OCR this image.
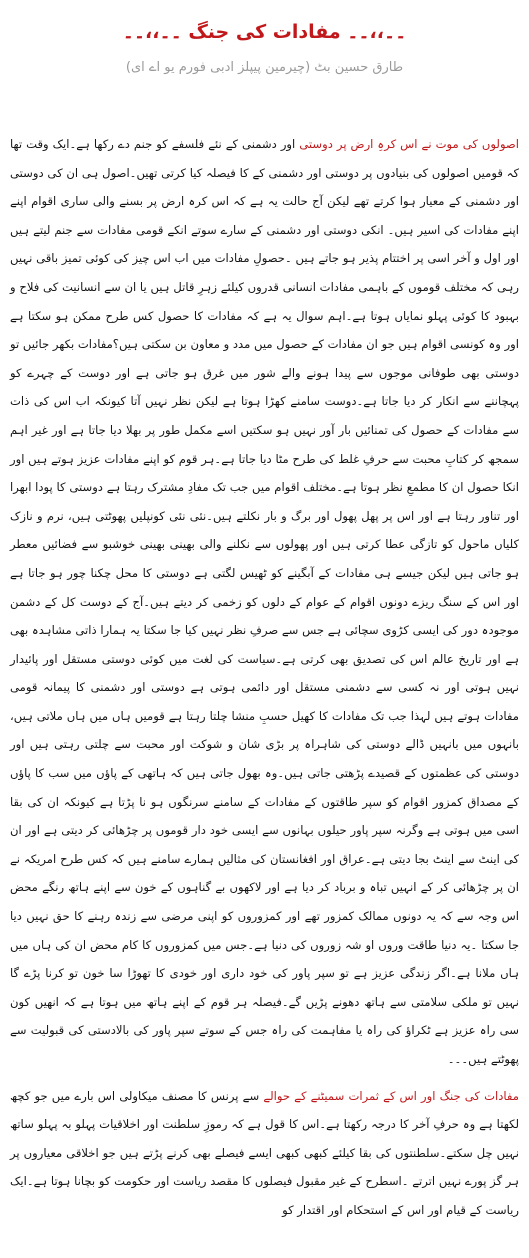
۔۔،،۔۔ مفادات کی جنگ ۔۔،،۔۔
طارق حسین بٹ (چیرمین پیپلز ادبی فورم یو اے ای)

اصولوں کی موت نے اس کرہِ ارض پر دوستی اور دشمنی کے نئے فلسفے کو جنم دے رکھا ہے۔ایک وقت تھا کہ قومیں اصولوں کی بنیادوں پر دوستی اور دشمنی کے کا فیصلہ کیا کرتی تھیں۔اصول ہی ان کی دوستی اور دشمنی کے معیار ہوا کرتے تھے لیکن آج حالت یہ ہے کہ اس کرہ ارض پر بسنے والی ساری اقوام اپنے اپنے مفادات کی اسیر ہیں۔ انکی دوستی اور دشمنی کے سارے سوتے انکے قومی مفادات سے جنم لیتے ہیں اور اول و آخر اسی پر اختتام پذیر ہو جاتے ہیں ۔حصولِ مفادات میں اب اس چیز کی کوئی تمیز باقی نہیں رہی کہ مختلف قوموں کے باہمی مفادات انسانی قدروں کیلئے زہرِ قاتل ہیں یا ان سے انسانیت کی فلاح و بہبود کا کوئی پہلو نمایاں ہوتا ہے۔اہم سوال یہ ہے کہ مفادات کا حصول کس طرح ممکن ہو سکتا ہے اور وہ کونسی اقوام ہیں جو ان مفادات کے حصول میں مدد و معاون بن سکتی ہیں؟مفادات بکھر جائیں تو دوستی بھی طوفانی موجوں سے پیدا ہونے والے شور میں غرق ہو جاتی ہے اور دوست کے چہرے کو پہچاننے سے انکار کر دیا جاتا ہے۔دوست سامنے کھڑا ہوتا ہے لیکن نظر نہیں آتا کیونکہ اب اس کی ذات سے مفادات کے حصول کی تمنائیں بار آور نہیں ہو سکتیں اسے مکمل طور پر بھلا دیا جاتا ہے اور غیر اہم سمجھ کر کتابِ محبت سے حرفِ غلط کی طرح مٹا دیا جاتا ہے۔ہر قوم کو اپنے مفادات عزیز ہوتے ہیں اور انکا حصول ان کا مطمعِ نظر ہوتا ہے۔مختلف اقوام میں جب تک مفادِ مشترک رہتا ہے دوستی کا پودا ابھرا اور تناور رہتا ہے اور اس پر پھل پھول اور برگ و بار نکلتے ہیں۔نئی نئی کونپلیں پھوٹتی ہیں، نرم و نازک کلیاں ماحول کو تازگی عطا کرتی ہیں اور پھولوں سے نکلنے والی بھینی بھینی خوشبو سے فضائیں معطر ہو جاتی ہیں لیکن جیسے ہی مفادات کے آبگینے کو ٹھیس لگتی ہے دوستی کا محل چکنا چور ہو جاتا ہے اور اس کے سنگ ریزے دونوں اقوام کے عوام کے دلوں کو زخمی کر دیتے ہیں۔آج کے دوست کل کے دشمن موجودہ دور کی ایسی کڑوی سچائی ہے جس سے صرفِ نظر نہیں کیا جا سکتا یہ ہمارا ذاتی مشاہدہ بھی ہے اور تاریخ عالم اس کی تصدیق بھی کرتی ہے۔سیاست کی لغت میں کوئی دوستی مستقل اور پائیدار نہیں ہوتی اور نہ کسی سے دشمنی مستقل اور دائمی ہوتی ہے دوستی اور دشمنی کا پیمانہ قومی مفادات ہوتے ہیں لہذا جب تک مفادات کا کھیل حسبِ منشا چلتا رہتا ہے قومیں ہاں میں ہاں ملاتی ہیں، بانہوں میں بانہیں ڈالے دوستی کی شاہراہ پر بڑی شان و شوکت اور محبت سے چلتی رہتی ہیں اور دوستی کی عظمتوں کے قصیدے پڑھتی جاتی ہیں۔وہ بھول جاتی ہیں کہ ہاتھی کے پاؤں میں سب کا پاؤں کے مصداق کمزور اقوام کو سپر طاقتوں کے مفادات کے سامنے سرنگوں ہو نا پڑتا ہے کیونکہ ان کی بقا اسی میں ہوتی ہے وگرنہ سپر پاور حیلوں بہانوں سے ایسی خود دار قوموں پر چڑھائی کر دیتی ہے اور ان کی اینٹ سے اینٹ بجا دیتی ہے۔عراق اور افغانستان کی مثالیں ہمارے سامنے ہیں کہ کس طرح امریکہ نے ان پر چڑھائی کر کے انہیں تباہ و برباد کر دیا ہے اور لاکھوں بے گناہوں کے خون سے اپنے ہاتھ رنگے محض اس وجہ سے کہ یہ دونوں ممالک کمزور تھے اور کمزوروں کو اپنی مرضی سے زندہ رہنے کا حق نہیں دیا جا سکتا ۔یہ دنیا طاقت وروں او شہ زوروں کی دنیا ہے۔جس میں کمزوروں کا کام محض ان کی ہاں میں ہاں ملانا ہے۔اگر زندگی عزیز ہے تو سپر پاور کی خود داری اور خودی کا تھوڑا سا خون تو کرنا پڑے گا نہیں تو ملکی سلامتی سے ہاتھ دھونے پڑیں گے۔فیصلہ ہر قوم کے اپنے ہاتھ میں ہوتا ہے کہ انھیں کون سی راہ عزیز ہے ٹکراؤ کی راہ یا مفاہمت کی راہ جس کے سوتے سپر پاور کی بالادستی کی قبولیت سے پھوٹتے ہیں۔۔۔

مفادات کی جنگ اور اس کے ثمرات سمیٹنے کے حوالے سے پرنس کا مصنف میکاولی اس بارے میں جو کچھ لکھتا ہے وہ حرفِ آخر کا درجہ رکھتا ہے۔اس کا قول ہے کہ رموزِ سلطنت اور اخلاقیات پہلو بہ پہلو ساتھ نہیں چل سکتے۔سلطنتوں کی بقا کیلئے کبھی کبھی ایسے فیصلے بھی کرنے پڑتے ہیں جو اخلاقی معیاروں پر ہر گز پورے نہیں اترتے ۔اسطرح کے غیر مقبول فیصلوں کا مقصد ریاست اور حکومت کو بچانا ہوتا ہے۔ایک ریاست کے قیام اور اس کے استحکام اور اقتدار کو
